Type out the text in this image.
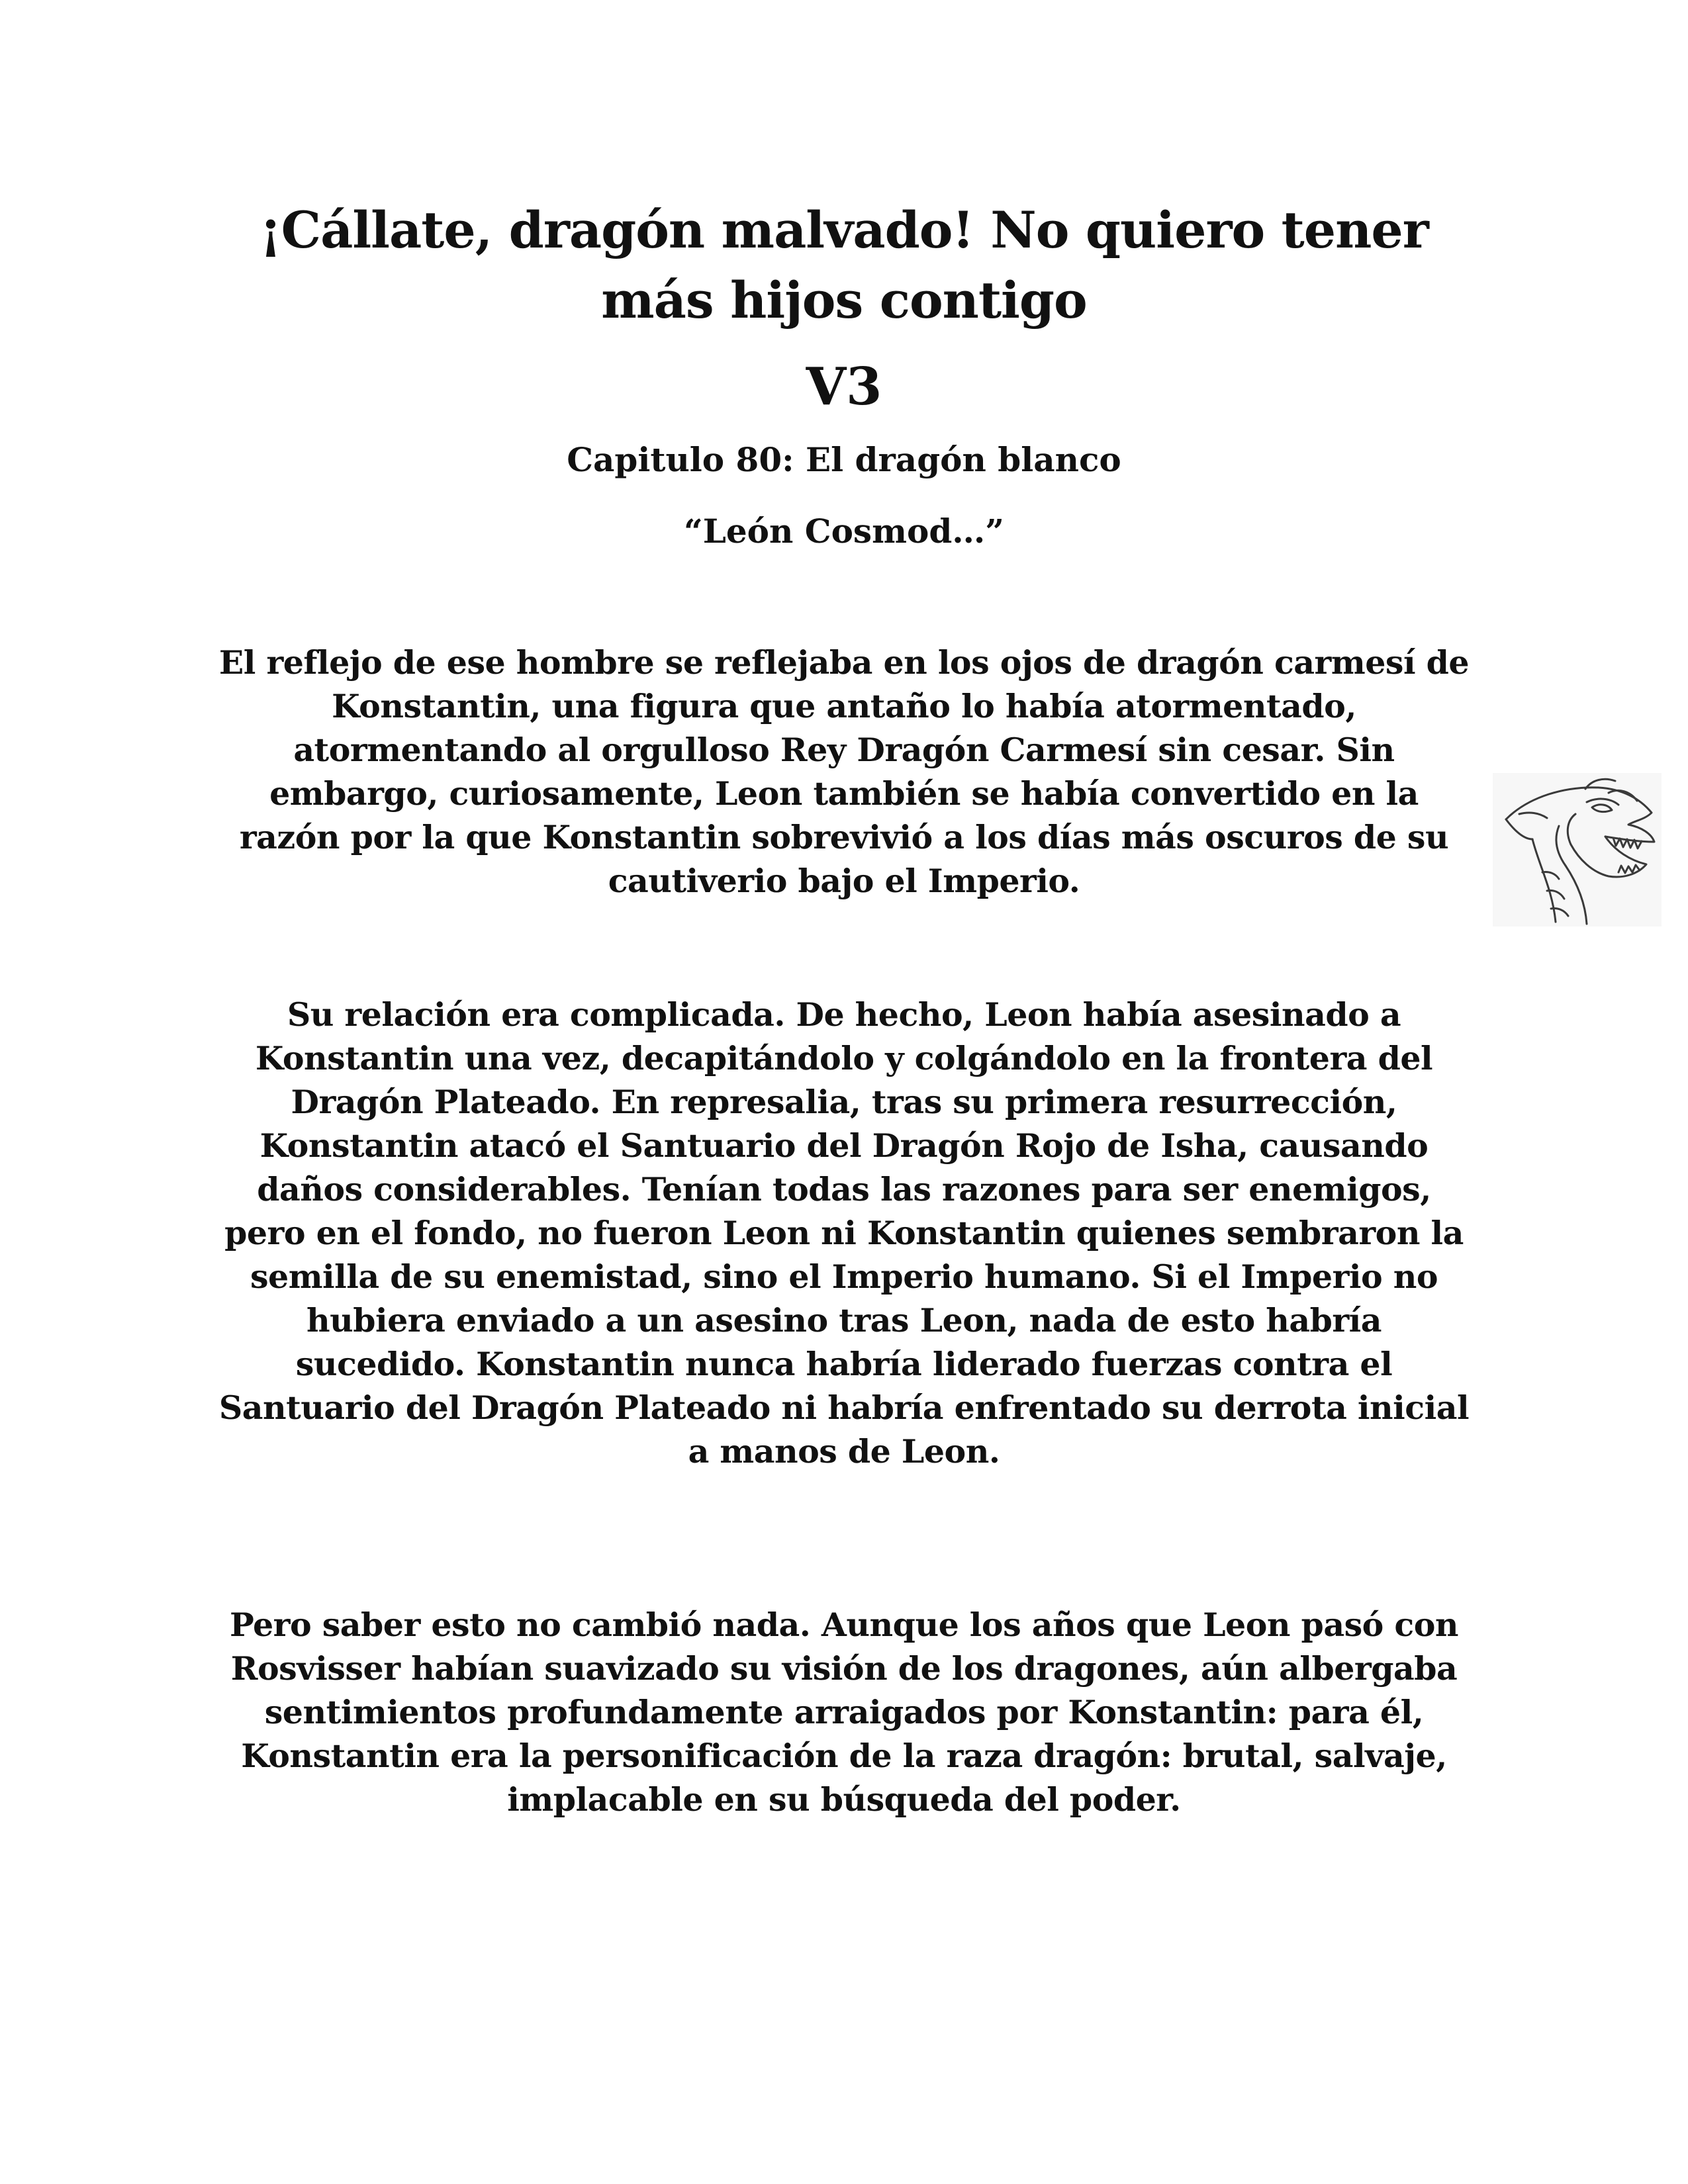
¡Cállate, dragón malvado! No quiero tener más hijos contigo
V3
Capitulo 80: El dragón blanco

“León Cosmod…”

El reflejo de ese hombre se reflejaba en los ojos de dragón carmesí de Konstantin, una figura que antaño lo había atormentado, atormentando al orgulloso Rey Dragón Carmesí sin cesar. Sin embargo, curiosamente, Leon también se había convertido en la razón por la que Konstantin sobrevivió a los días más oscuros de su cautiverio bajo el Imperio.

Su relación era complicada. De hecho, Leon había asesinado a Konstantin una vez, decapitándolo y colgándolo en la frontera del Dragón Plateado. En represalia, tras su primera resurrección, Konstantin atacó el Santuario del Dragón Rojo de Isha, causando daños considerables. Tenían todas las razones para ser enemigos, pero en el fondo, no fueron Leon ni Konstantin quienes sembraron la semilla de su enemistad, sino el Imperio humano. Si el Imperio no hubiera enviado a un asesino tras Leon, nada de esto habría sucedido. Konstantin nunca habría liderado fuerzas contra el Santuario del Dragón Plateado ni habría enfrentado su derrota inicial a manos de Leon.

Pero saber esto no cambió nada. Aunque los años que Leon pasó con Rosvisser habían suavizado su visión de los dragones, aún albergaba sentimientos profundamente arraigados por Konstantin: para él, Konstantin era la personificación de la raza dragón: brutal, salvaje, implacable en su búsqueda del poder.
